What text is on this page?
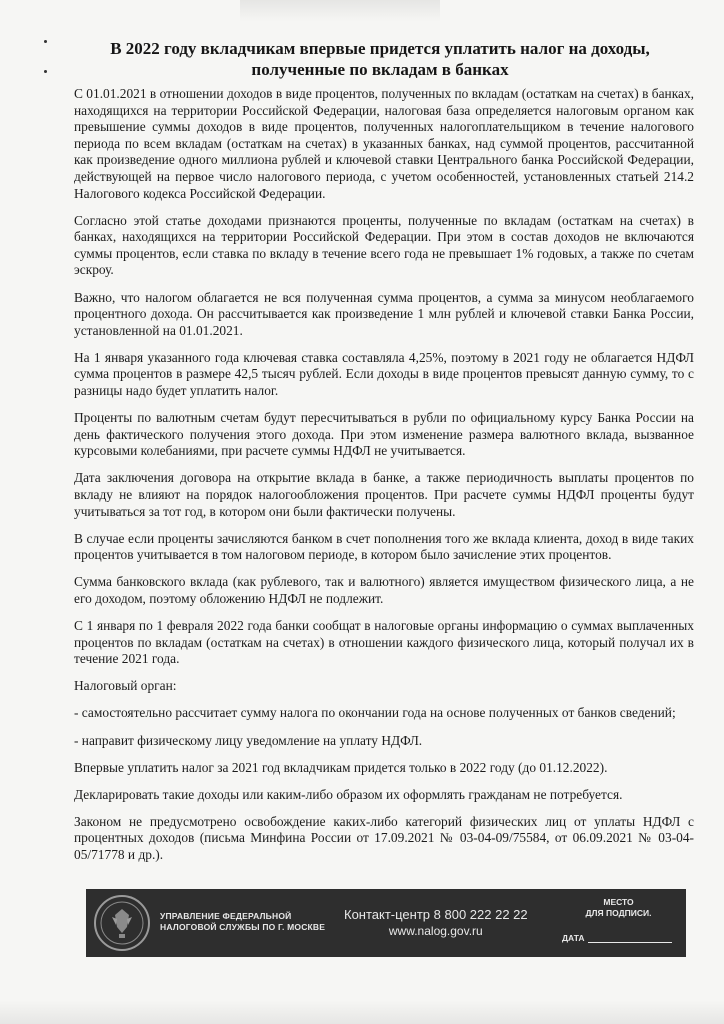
В 2022 году вкладчикам впервые придется уплатить налог на доходы, полученные по вкладам в банках

С 01.01.2021 в отношении доходов в виде процентов, полученных по вкладам (остаткам на счетах) в банках, находящихся на территории Российской Федерации, налоговая база определяется налоговым органом как превышение суммы доходов в виде процентов, полученных налогоплательщиком в течение налогового периода по всем вкладам (остаткам на счетах) в указанных банках, над суммой процентов, рассчитанной как произведение одного миллиона рублей и ключевой ставки Центрального банка Российской Федерации, действующей на первое число налогового периода, с учетом особенностей, установленных статьей 214.2 Налогового кодекса Российской Федерации.

Согласно этой статье доходами признаются проценты, полученные по вкладам (остаткам на счетах) в банках, находящихся на территории Российской Федерации. При этом в состав доходов не включаются суммы процентов, если ставка по вкладу в течение всего года не превышает 1% годовых, а также по счетам эскроу.

Важно, что налогом облагается не вся полученная сумма процентов, а сумма за минусом необлагаемого процентного дохода. Он рассчитывается как произведение 1 млн рублей и ключевой ставки Банка России, установленной на 01.01.2021.

На 1 января указанного года ключевая ставка составляла 4,25%, поэтому в 2021 году не облагается НДФЛ сумма процентов в размере 42,5 тысяч рублей. Если доходы в виде процентов превысят данную сумму, то с разницы надо будет уплатить налог.

Проценты по валютным счетам будут пересчитываться в рубли по официальному курсу Банка России на день фактического получения этого дохода. При этом изменение размера валютного вклада, вызванное курсовыми колебаниями, при расчете суммы НДФЛ не учитывается.

Дата заключения договора на открытие вклада в банке, а также периодичность выплаты процентов по вкладу не влияют на порядок налогообложения процентов. При расчете суммы НДФЛ проценты будут учитываться за тот год, в котором они были фактически получены.

В случае если проценты зачисляются банком в счет пополнения того же вклада клиента, доход в виде таких процентов учитывается в том налоговом периоде, в котором было зачисление этих процентов.

Сумма банковского вклада (как рублевого, так и валютного) является имуществом физического лица, а не его доходом, поэтому обложению НДФЛ не подлежит.

С 1 января по 1 февраля 2022 года банки сообщат в налоговые органы информацию о суммах выплаченных процентов по вкладам (остаткам на счетах) в отношении каждого физического лица, который получал их в течение 2021 года.

Налоговый орган:

- самостоятельно рассчитает сумму налога по окончании года на основе полученных от банков сведений;

- направит физическому лицу уведомление на уплату НДФЛ.

Впервые уплатить налог за 2021 год вкладчикам придется только в 2022 году (до 01.12.2022).

Декларировать такие доходы или каким-либо образом их оформлять гражданам не потребуется.

Законом не предусмотрено освобождение каких-либо категорий физических лиц от уплаты НДФЛ с процентных доходов (письма Минфина России от 17.09.2021 № 03-04-09/75584, от 06.09.2021 № 03-04-05/71778 и др.).

УПРАВЛЕНИЕ ФЕДЕРАЛЬНОЙ
НАЛОГОВОЙ СЛУЖБЫ ПО Г. МОСКВЕ
Контакт-центр 8 800 222 22 22
www.nalog.gov.ru
МЕСТО
ДЛЯ ПОДПИСИ.
ДАТА
